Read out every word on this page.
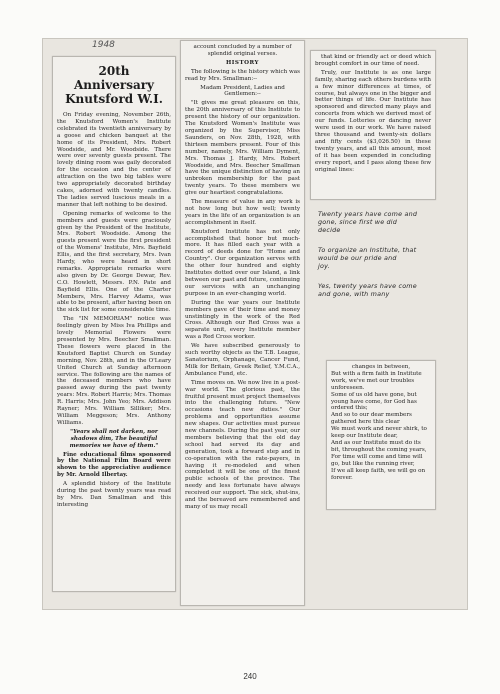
20th Anniversary Knutsford W.I.

On Friday evening, November 26th, the Knutsford Women's Institute celebrated its twentieth anniversary by a goose and chicken banquet at the home of its President, Mrs. Robert Woodside, and Mr. Woodside. There were over seventy guests present. The lovely dining room was gaily decorated for the occasion and the center of attraction on the two big tables were two appropriately decorated birthday cakes, adorned with twenty candles. The ladies served luscious meals in a manner that left nothing to be desired.

Opening remarks of welcome to the members and guests were graciously given by the President of the Institute, Mrs. Robert Woodside. Among the guests present were the first president of the Womens' Institute, Mrs. Bayfield Ellis, and the first secretary, Mrs. Ivan Hardy, who were heard in short remarks. Appropriate remarks were also given by Dr. George Dewar, Rev. C.O. Howlett, Messrs. P.N. Pate and Bayfield Ellis. One of the Charter Members, Mrs. Harvey Adams, was able to be present, after having been on the sick list for some considerable time.

The "IN MEMORIAM" notice was feelingly given by Miss Iva Phillips and lovely Memorial Flowers were presented by Mrs. Beecher Smallman. These flowers were placed in the Knutsford Baptist Church on Sunday morning, Nov. 28th, and in the O'Leary United Church at Sunday afternoon service. The following are the names of the deceased members who have passed away during the past twenty years: Mrs. Robert Harris; Mrs. Thomas R. Harris; Mrs. John Yeo; Mrs. Addison Rayner; Mrs. William Silliker; Mrs. William Meggeson; Mrs. Anthony Williams.

"Years shall not darken, nor shadows dim, The beautiful memories we have of them."

Fine educational films sponsored by the National Film Board were shown to the appreciative audience by Mr. Arnold Ilbertay.

A splendid history of the Institute during the past twenty years was read by Mrs. Dan Smallman and this interesting

1948	account concluded by a number of splendid original verses.

HISTORY

The following is the history which was read by Mrs. Smallman:--

Madam President, Ladies and Gentlemen:--

"It gives me great pleasure on this, the 20th anniversary of this Institute to present the history of our organization. The Knutsford Women's Institute was organized by the Supervisor, Miss Saunders, on Nov. 28th, 1928, with thirteen members present. Four of this number, namely, Mrs. William Dyment, Mrs. Thomas J. Hardy, Mrs. Robert Woodside, and Mrs. Beecher Smallman have the unique distinction of having an unbroken membership for the past twenty years. To these members we give our heartiest congratulations.

The measure of value in any work is not how long but how well; twenty years in the life of an organization is an accomplishment in itself.

Knutsford Institute has not only accomplished that honor but much-more. It has filled each year with a record of deeds done for "Home and Country". Our organization serves with the other four hundred and eighty Institutes dotted over our Island, a link between our past and future, continuing our services with an unchanging purpose in an ever-changing world.

During the war years our Institute members gave of their time and money unstintingly in the work of the Red Cross. Although our Red Cross was a separate unit, every Institute member was a Red Cross worker.

We have subscribed generously to such worthy objects as the T.B. League, Sanatorium, Orphanage, Cancer Fund, Milk for Britain, Greek Relief, Y.M.C.A., Ambulance Fund, etc.

Time moves on. We now live in a post-war world. The glorious past, the fruitful present must project themselves into the challenging future. "New occasions teach new duties." Our problems and opportunities assume new shapes. Our activities must pursue new channels. During the past year, our members believing that the old day school had served its day and generation, took a forward step and in co-operation with the rate-payers, in having it re-modeled and when completed it will be one of the finest public schools of the province. The needy and less fortunate have always received our support. The sick, shut-ins, and the bereaved are remembered and many of us may recall

that kind or friendly act or deed which brought comfort in our time of need.

Truly, our Institute is as one large family, sharing each others burdens with a few minor differences at times, of course, but always one in the bigger and better things of life. Our Institute has sponsored and directed many plays and concerts from which we derived most of our funds. Lotteries or dancing never were used in our work. We have raised three thousand and twenty-six dollars and fifty cents ($3,026.50) in these twenty years, and all this amount, most of it has been expended in concluding every report, and I pass along these few original lines:

Twenty years have come and
gone, since first we did
decide
To organize an Institute, that
would be our pride and
joy.
Yes, twenty years have come
and gone, with many

changes in between,

But with a firm faith in Institute work, we've met our troubles unforeseen.

Some of us old have gone, but young have come, for God has ordered this;

And so to our dear members gathered here this clear

We must work and never shirk, to keep our Institute dear,

And as our Institute must do its bit, throughout the coming years,

For time will come and time will go, but like the running river,

If we all keep faith, we will go on forever.

240
